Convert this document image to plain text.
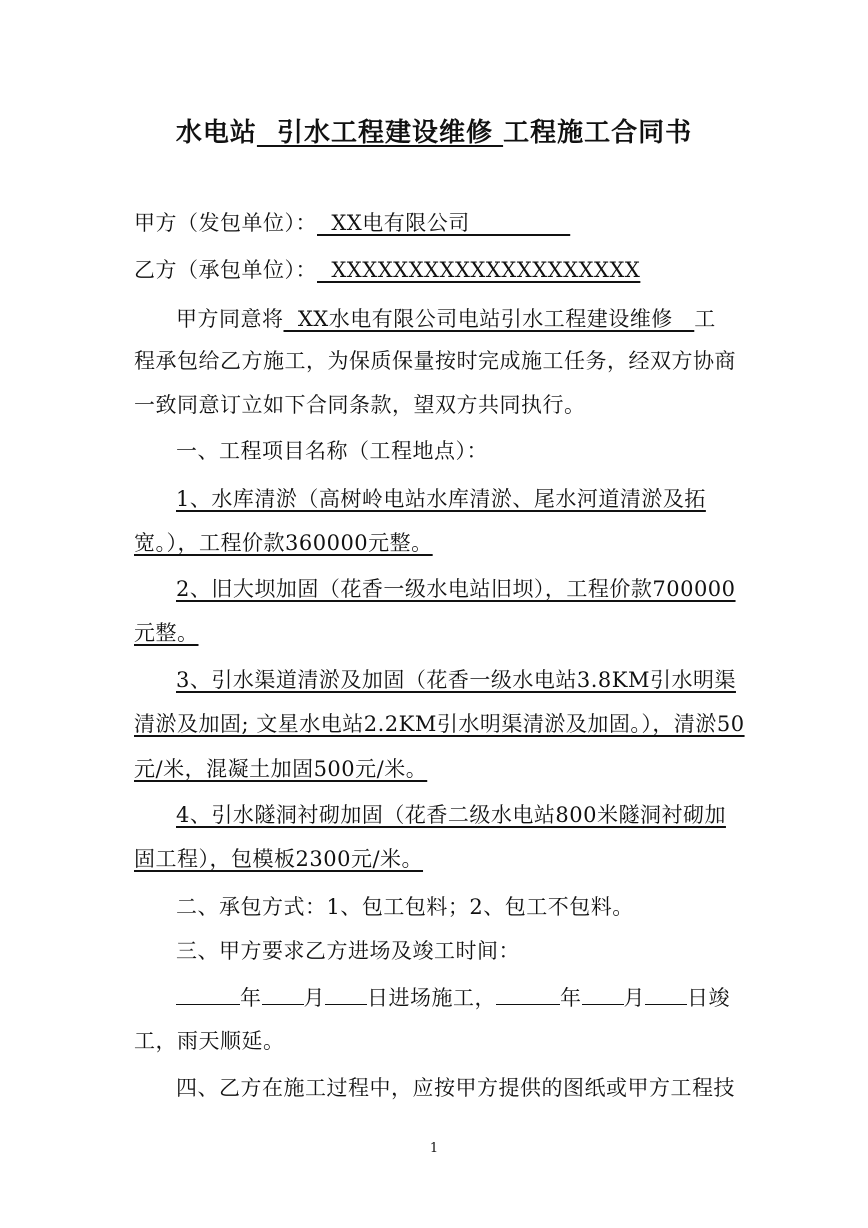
水电站  引水工程建设维修 工程施工合同书
甲方（发包单位）：  XX电有限公司
乙方（承包单位）：  XXXXXXXXXXXXXXXXXXXX
甲方同意将  XX水电有限公司电站引水工程建设维修   工
程承包给乙方施工，为保质保量按时完成施工任务，经双方协商
一致同意订立如下合同条款，望双方共同执行。
一、工程项目名称（工程地点）：
1、水库清淤（高树岭电站水库清淤、尾水河道清淤及拓
宽。），工程价款360000元整。
2、旧大坝加固（花香一级水电站旧坝），工程价款700000
元整。
3、引水渠道清淤及加固（花香一级水电站3.8KM引水明渠
清淤及加固; 文星水电站2.2KM引水明渠清淤及加固。），清淤50
元/米，混凝土加固500元/米。
4、引水隧洞衬砌加固（花香二级水电站800米隧洞衬砌加
固工程），包模板2300元/米。
二、承包方式：1、包工包料；2、包工不包料。
三、甲方要求乙方进场及竣工时间：
年 月 日进场施工，	年 月 日竣
工，雨天顺延。
四、乙方在施工过程中，应按甲方提供的图纸或甲方工程技
1
